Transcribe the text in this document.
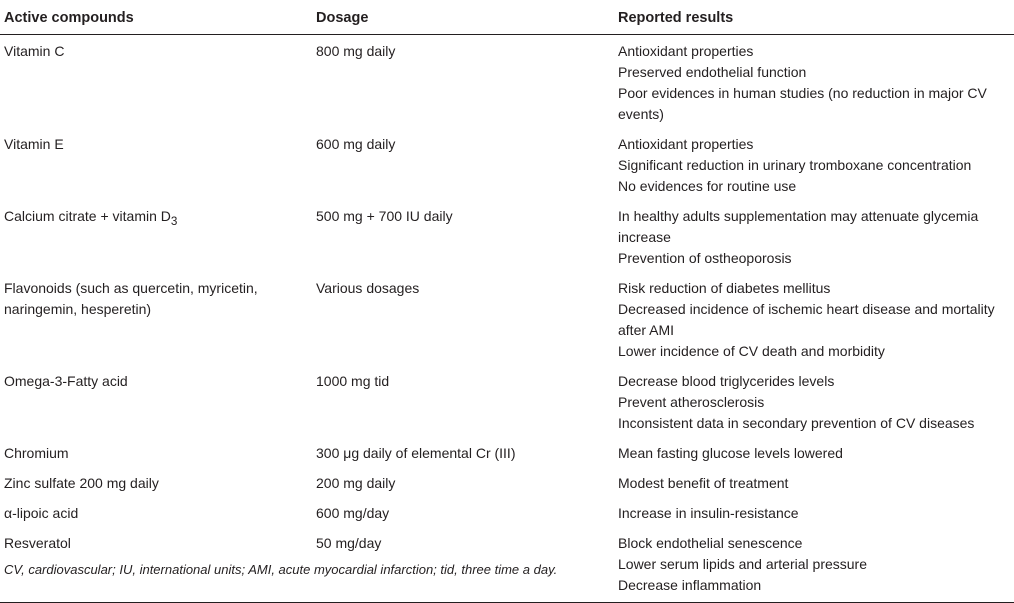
Active compounds	Dosage	Reported results
Vitamin C	800 mg daily	Antioxidant properties
Preserved endothelial function
Poor evidences in human studies (no reduction in major CV events)

Vitamin E	600 mg daily	Antioxidant properties
Significant reduction in urinary tromboxane concentration
No evidences for routine use

Calcium citrate + vitamin $D_3$	500 mg + 700 IU daily	In healthy adults supplementation may attenuate glycemia increase
Prevention of ostheoporosis

Flavonoids (such as quercetin, myricetin, naringemin, hesperetin)	Various dosages	Risk reduction of diabetes mellitus
Decreased incidence of ischemic heart disease and mortality after AMI
Lower incidence of CV death and morbidity

Omega-3-Fatty acid	1000 mg tid	Decrease blood triglycerides levels
Prevent atherosclerosis
Inconsistent data in secondary prevention of CV diseases

Chromium	300 μg daily of elemental Cr (III)	Mean fasting glucose levels lowered

Zinc sulfate 200 mg daily	200 mg daily	Modest benefit of treatment

α-lipoic acid	600 mg/day	Increase in insulin-resistance

Resveratol	50 mg/day	Block endothelial senescence
Lower serum lipids and arterial pressure
Decrease inflammation
CV, cardiovascular; IU, international units; AMI, acute myocardial infarction; tid, three time a day.
